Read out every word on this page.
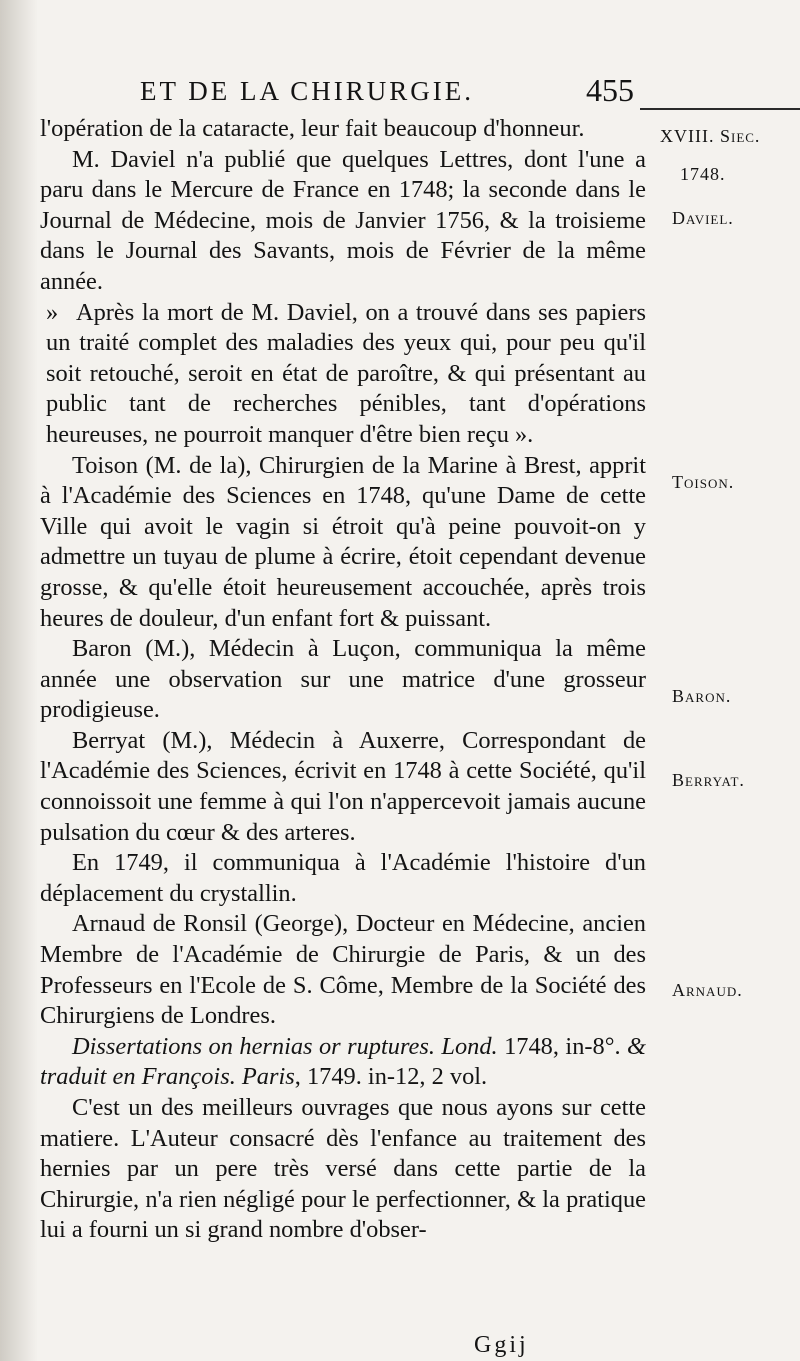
ET DE LA CHIRURGIE.	455
XVIII. Siec.
1748.
Daviel.
Toison.
Baron.
Berryat.
Arnaud.

l'opération de la cataracte, leur fait beaucoup d'honneur.

M. Daviel n'a publié que quelques Lettres, dont l'une a paru dans le Mercure de France en 1748; la seconde dans le Journal de Médecine, mois de Janvier 1756, & la troisieme dans le Journal des Savants, mois de Février de la même année.

» Après la mort de M. Daviel, on a trouvé dans ses papiers un traité complet des maladies des yeux qui, pour peu qu'il soit retouché, seroit en état de paroître, & qui présentant au public tant de recherches pénibles, tant d'opérations heureuses, ne pourroit manquer d'être bien reçu ».

Toison (M. de la), Chirurgien de la Marine à Brest, apprit à l'Académie des Sciences en 1748, qu'une Dame de cette Ville qui avoit le vagin si étroit qu'à peine pouvoit-on y admettre un tuyau de plume à écrire, étoit cependant devenue grosse, & qu'elle étoit heureusement accouchée, après trois heures de douleur, d'un enfant fort & puissant.

Baron (M.), Médecin à Luçon, communiqua la même année une observation sur une matrice d'une grosseur prodigieuse.

Berryat (M.), Médecin à Auxerre, Correspondant de l'Académie des Sciences, écrivit en 1748 à cette Société, qu'il connoissoit une femme à qui l'on n'appercevoit jamais aucune pulsation du cœur & des arteres.

En 1749, il communiqua à l'Académie l'histoire d'un déplacement du crystallin.

Arnaud de Ronsil (George), Docteur en Médecine, ancien Membre de l'Académie de Chirurgie de Paris, & un des Professeurs en l'Ecole de S. Côme, Membre de la Société des Chirurgiens de Londres.

Dissertations on hernias or ruptures. Lond. 1748, in-8°. & traduit en François. Paris, 1749. in-12, 2 vol.

C'est un des meilleurs ouvrages que nous ayons sur cette matiere. L'Auteur consacré dès l'enfance au traitement des hernies par un pere très versé dans cette partie de la Chirurgie, n'a rien négligé pour le perfectionner, & la pratique lui a fourni un si grand nombre d'obser-

Ggij
